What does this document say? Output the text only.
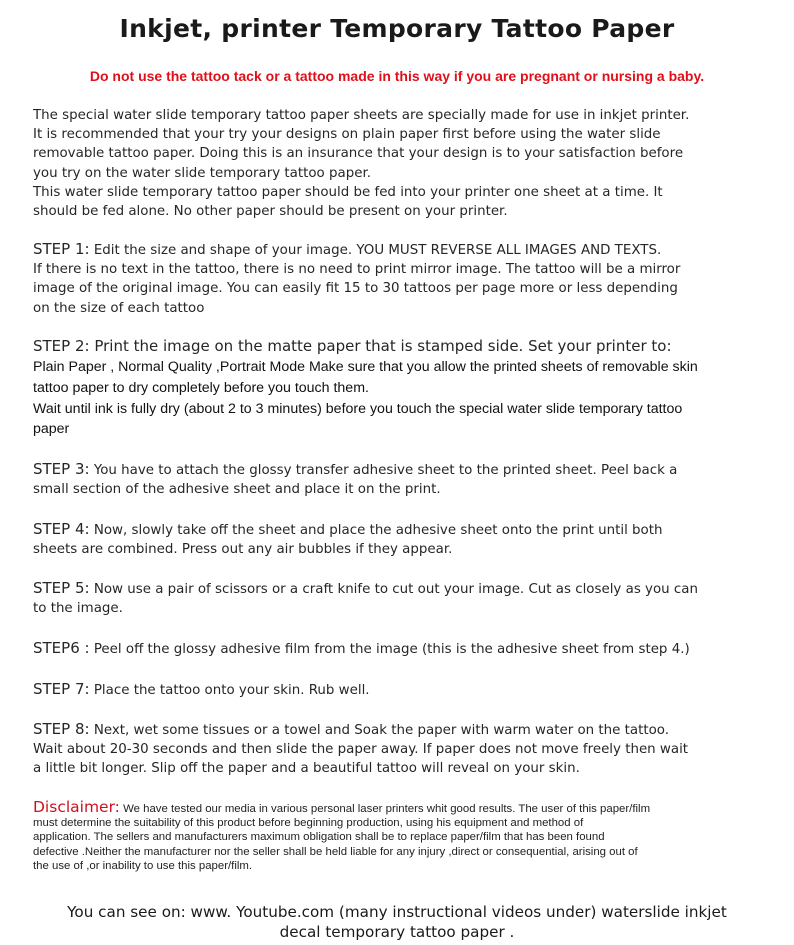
Inkjet, printer Temporary Tattoo Paper
Do not use the tattoo tack or a tattoo made in this way if you are pregnant or nursing a baby.
The special water slide temporary tattoo paper sheets are specially made for use in inkjet printer.
It is recommended that your try your designs on plain paper first before using the water slide
removable tattoo paper. Doing this is an insurance that your design is to your satisfaction before
you try on the water slide temporary tattoo paper.
This water slide temporary tattoo paper should be fed into your printer one sheet at a time. It
should be fed alone. No other paper should be present on your printer.
STEP 1: Edit the size and shape of your image. YOU MUST REVERSE ALL IMAGES AND TEXTS.
If there is no text in the tattoo, there is no need to print mirror image. The tattoo will be a mirror
image of the original image. You can easily fit 15 to 30 tattoos per page more or less depending
on the size of each tattoo
STEP 2: Print the image on the matte paper that is stamped side. Set your printer to:
Plain Paper , Normal Quality ,Portrait Mode Make sure that you allow the printed sheets of removable skin
tattoo paper to dry completely before you touch them.
Wait until ink is fully dry (about 2 to 3 minutes) before you touch the special water slide temporary tattoo
paper
STEP 3: You have to attach the glossy transfer adhesive sheet to the printed sheet. Peel back a
small section of the adhesive sheet and place it on the print.
STEP 4: Now, slowly take off the sheet and place the adhesive sheet onto the print until both
sheets are combined. Press out any air bubbles if they appear.
STEP 5: Now use a pair of scissors or a craft knife to cut out your image. Cut as closely as you can
to the image.
STEP6 : Peel off the glossy adhesive film from the image (this is the adhesive sheet from step 4.)
STEP 7: Place the tattoo onto your skin. Rub well.
STEP 8: Next, wet some tissues or a towel and Soak the paper with warm water on the tattoo.
Wait about 20-30 seconds and then slide the paper away. If paper does not move freely then wait
a little bit longer. Slip off the paper and a beautiful tattoo will reveal on your skin.
Disclaimer: We have tested our media in various personal laser printers whit good results. The user of this paper/film
must determine the suitability of this product before beginning production, using his equipment and method of
application. The sellers and manufacturers maximum obligation shall be to replace paper/film that has been found
defective .Neither the manufacturer nor the seller shall be held liable for any injury ,direct or consequential, arising out of
the use of ,or inability to use this paper/film.
You can see on: www. Youtube.com (many instructional videos under) waterslide inkjet
decal temporary tattoo paper .
